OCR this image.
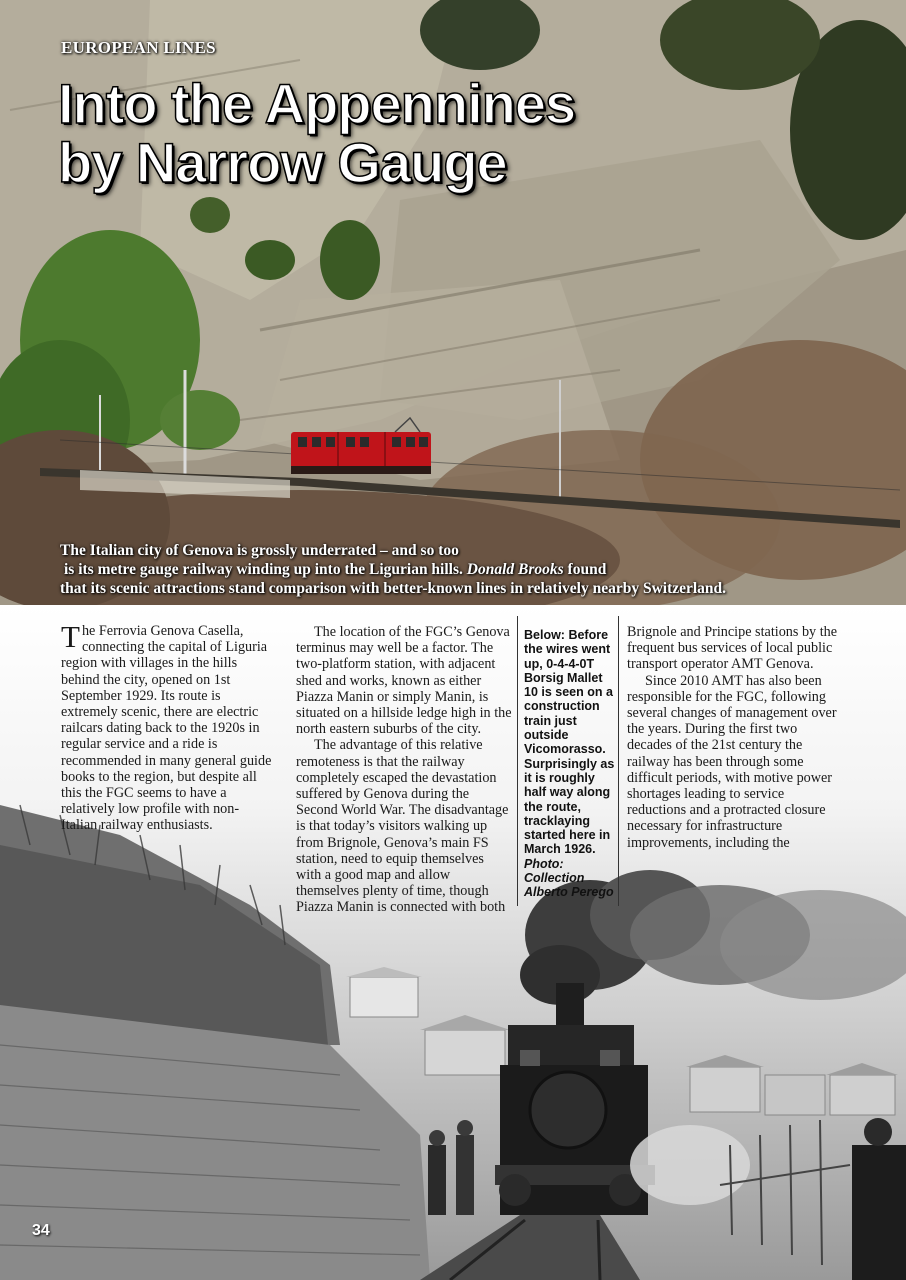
EUROPEAN LINES
Into the Appennines
by Narrow Gauge
The Italian city of Genova is grossly underrated – and so too
is its metre gauge railway winding up into the Ligurian hills. Donald Brooks found
that its scenic attractions stand comparison with better-known lines in relatively nearby Switzerland.
34

The Ferrovia Genova Casella, connecting the capital of Liguria region with villages in the hills behind the city, opened on 1st September 1929. Its route is extremely scenic, there are electric railcars dating back to the 1920s in regular service and a ride is recommended in many general guide books to the region, but despite all this the FGC seems to have a relatively low profile with non-Italian railway enthusiasts.

The location of the FGC’s Genova terminus may well be a factor. The two-platform station, with adjacent shed and works, known as either Piazza Manin or simply Manin, is situated on a hillside ledge high in the north eastern suburbs of the city.

The advantage of this relative remoteness is that the railway completely escaped the devastation suffered by Genova during the Second World War. The disadvantage is that today’s visitors walking up from Brignole, Genova’s main FS station, need to equip themselves with a good map and allow themselves plenty of time, though Piazza Manin is connected with both

Below: Before the wires went up, 0-4-4-0T Borsig Mallet 10 is seen on a construction train just outside Vicomorasso. Surprisingly as it is roughly half way along the route, tracklaying started here in March 1926.
Photo: Collection Alberto Perego

Brignole and Principe stations by the frequent bus services of local public transport operator AMT Genova.

Since 2010 AMT has also been responsible for the FGC, following several changes of management over the years. During the first two decades of the 21st century the railway has been through some difficult periods, with motive power shortages leading to service reductions and a protracted closure necessary for infrastructure improvements, including the
